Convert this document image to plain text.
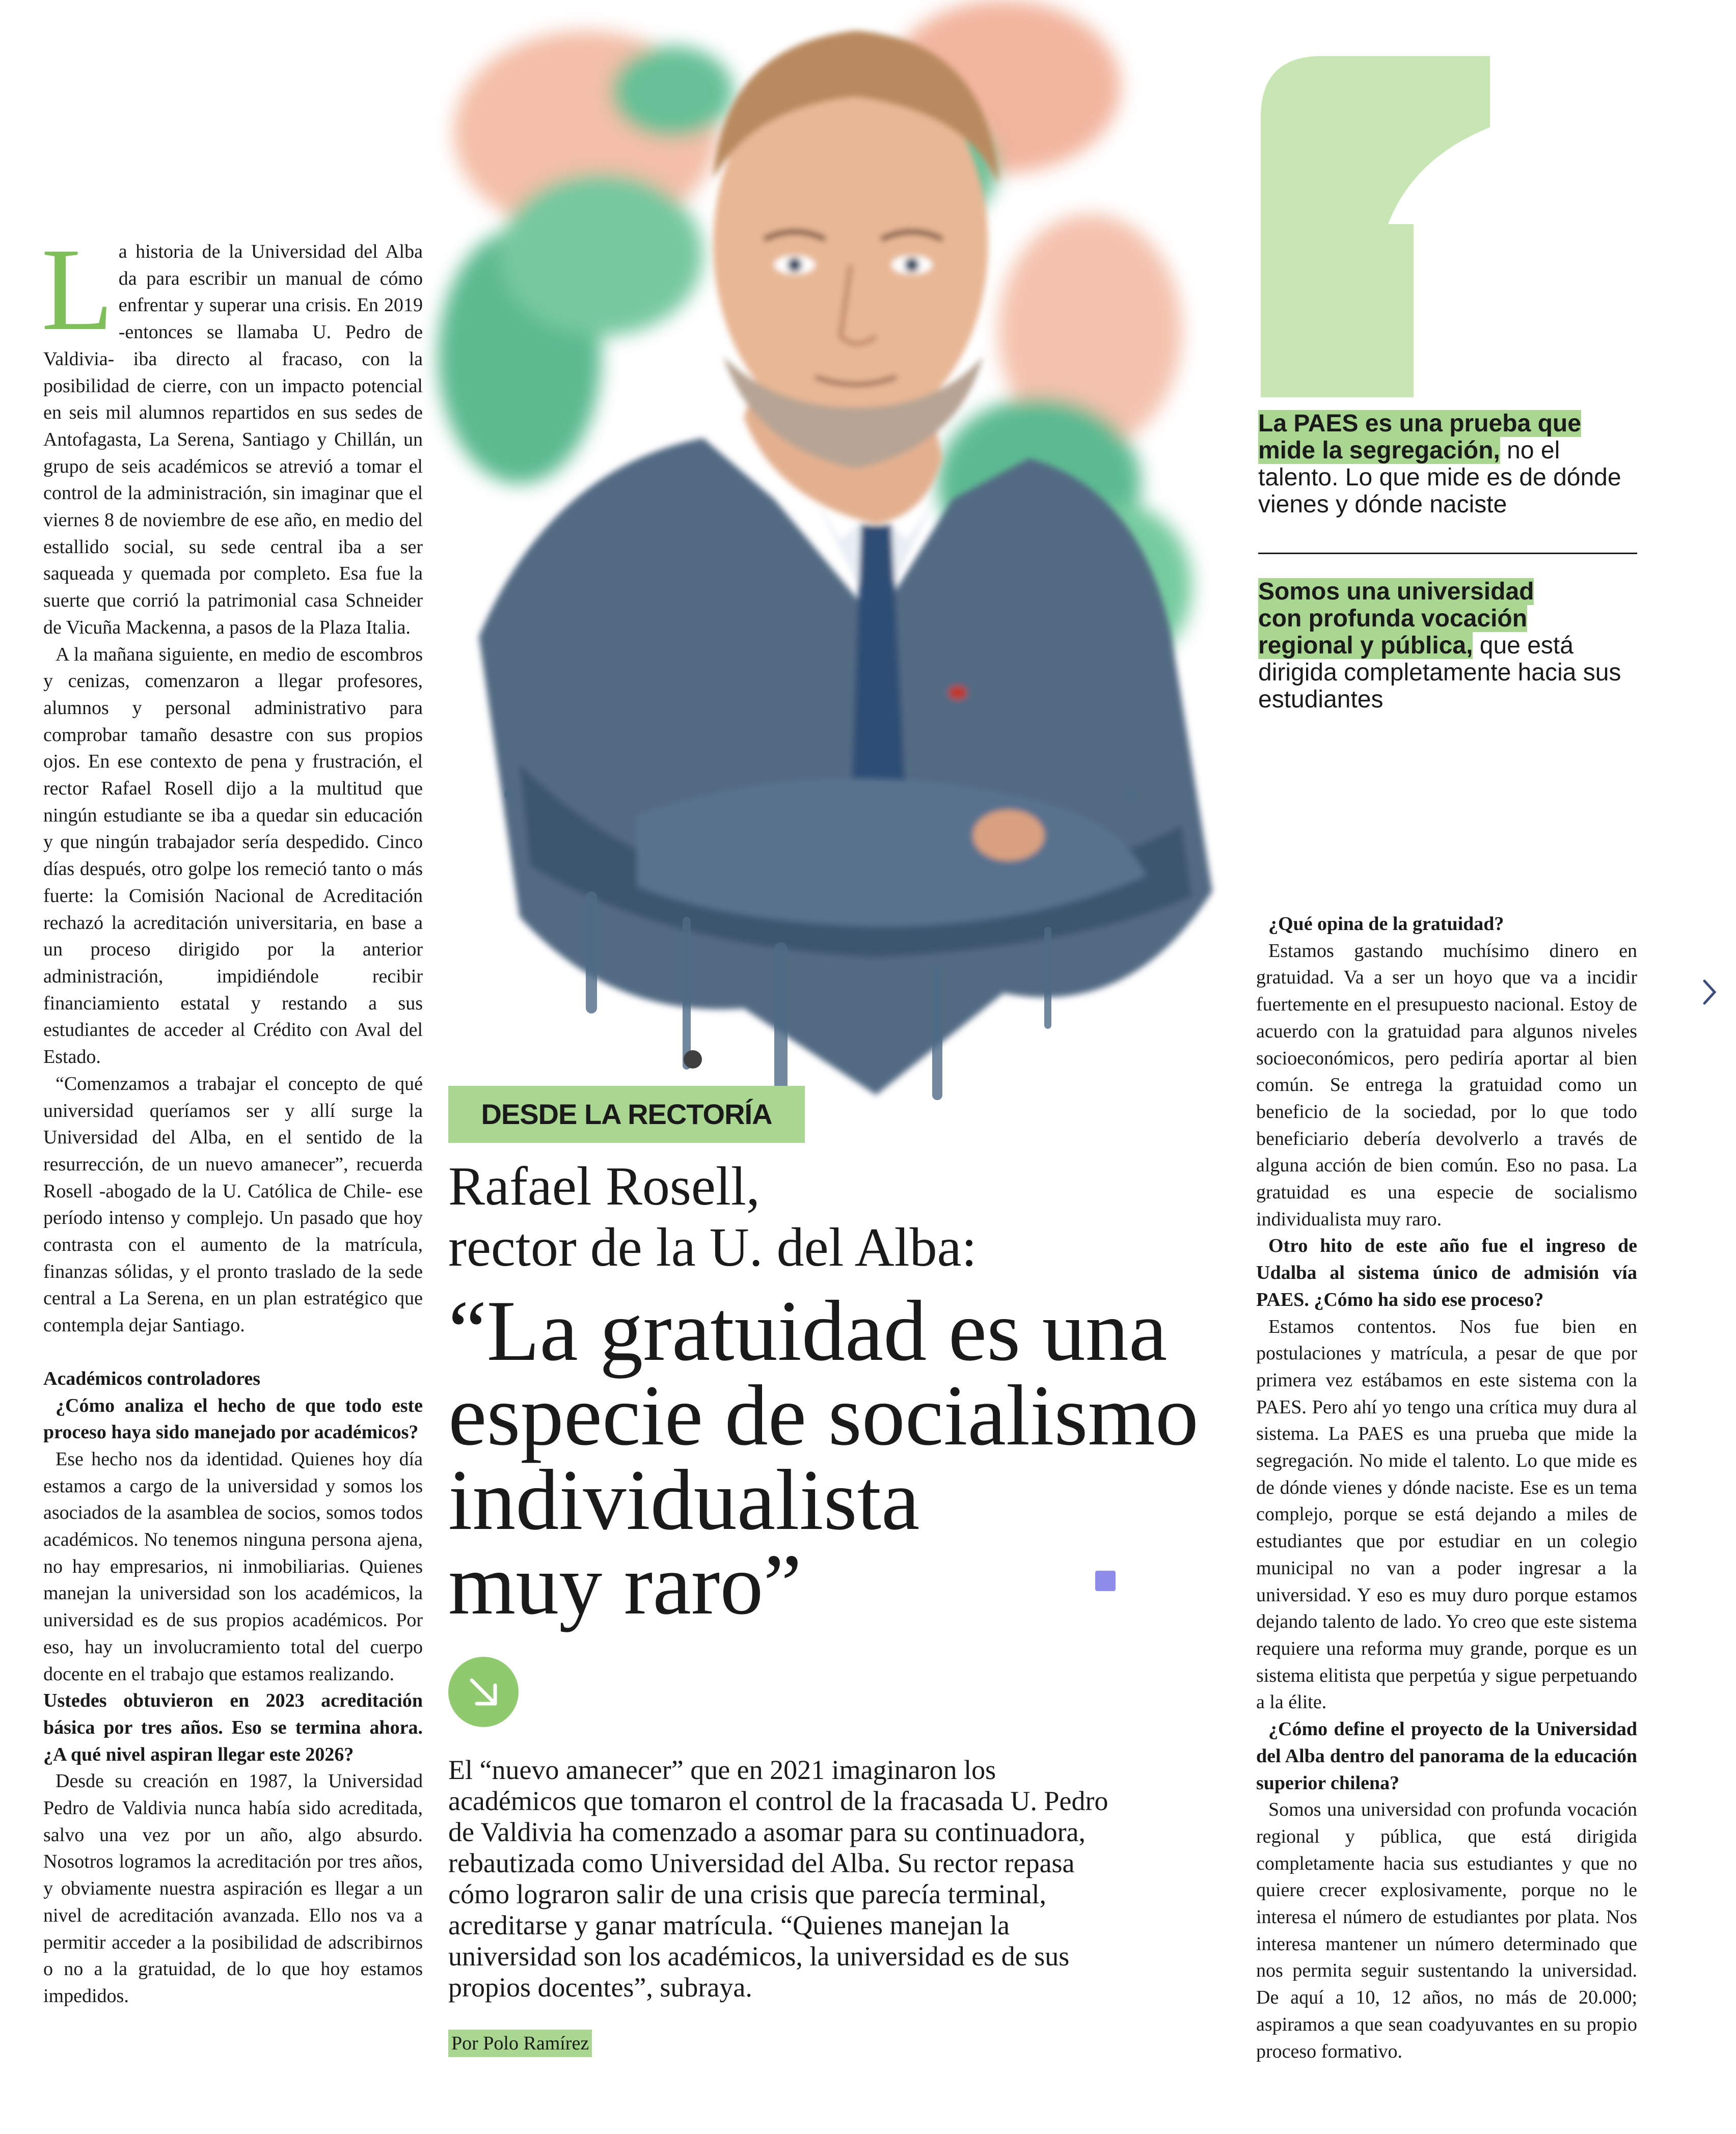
La historia de la Universidad del Alba da para escribir un manual de cómo enfrentar y superar una crisis. En 2019 -entonces se llamaba U. Pedro de Valdivia- iba directo al fracaso, con la posibilidad de cierre, con un impacto potencial en seis mil alumnos repartidos en sus sedes de Antofagasta, La Serena, Santiago y Chillán, un grupo de seis académicos se atrevió a tomar el control de la administración, sin imaginar que el viernes 8 de noviembre de ese año, en medio del estallido social, su sede central iba a ser saqueada y quemada por completo. Esa fue la suerte que corrió la patrimonial casa Schneider de Vicuña Mackenna, a pasos de la Plaza Italia.

A la mañana siguiente, en medio de escombros y cenizas, comenzaron a llegar profesores, alumnos y personal administrativo para comprobar tamaño desastre con sus propios ojos. En ese contexto de pena y frustración, el rector Rafael Rosell dijo a la multitud que ningún estudiante se iba a quedar sin educación y que ningún trabajador sería despedido. Cinco días después, otro golpe los remeció tanto o más fuerte: la Comisión Nacional de Acreditación rechazó la acreditación universitaria, en base a un proceso dirigido por la anterior administración, impidiéndole recibir financiamiento estatal y restando a sus estudiantes de acceder al Crédito con Aval del Estado.

“Comenzamos a trabajar el concepto de qué universidad queríamos ser y allí surge la Universidad del Alba, en el sentido de la resurrección, de un nuevo amanecer”, recuerda Rosell -abogado de la U. Católica de Chile- ese período intenso y complejo. Un pasado que hoy contrasta con el aumento de la matrícula, finanzas sólidas, y el pronto traslado de la sede central a La Serena, en un plan estratégico que contempla dejar Santiago.

Académicos controladores

¿Cómo analiza el hecho de que todo este proceso haya sido manejado por académicos?

Ese hecho nos da identidad. Quienes hoy día estamos a cargo de la universidad y somos los asociados de la asamblea de socios, somos todos académicos. No tenemos ninguna persona ajena, no hay empresarios, ni inmobiliarias. Quienes manejan la universidad son los académicos, la universidad es de sus propios académicos. Por eso, hay un involucramiento total del cuerpo docente en el trabajo que estamos realizando.

Ustedes obtuvieron en 2023 acreditación básica por tres años. Eso se termina ahora. ¿A qué nivel aspiran llegar este 2026?

Desde su creación en 1987, la Universidad Pedro de Valdivia nunca había sido acreditada, salvo una vez por un año, algo absurdo. Nosotros logramos la acreditación por tres años, y obviamente nuestra aspiración es llegar a un nivel de acreditación avanzada. Ello nos va a permitir acceder a la posibilidad de adscribirnos o no a la gratuidad, de lo que hoy estamos impedidos.

DESDE LA RECTORÍA
Rafael Rosell,
rector de la U. del Alba:
“La gratuidad es una
especie de socialismo
individualista
muy raro”
El “nuevo amanecer” que en 2021 imaginaron los académicos que tomaron el control de la fracasada U. Pedro de Valdivia ha comenzado a asomar para su continuadora, rebautizada como Universidad del Alba. Su rector repasa cómo lograron salir de una crisis que parecía terminal, acreditarse y ganar matrícula. “Quienes manejan la universidad son los académicos, la universidad es de sus propios docentes”, subraya.
Por Polo Ramírez
La PAES es una prueba que
mide la segregación, no el talento. Lo que mide es de dónde vienes y dónde naciste
Somos una universidad
con profunda vocación
regional y pública, que está dirigida completamente hacia sus estudiantes

¿Qué opina de la gratuidad?

Estamos gastando muchísimo dinero en gratuidad. Va a ser un hoyo que va a incidir fuertemente en el presupuesto nacional. Estoy de acuerdo con la gratuidad para algunos niveles socioeconómicos, pero pediría aportar al bien común. Se entrega la gratuidad como un beneficio de la sociedad, por lo que todo beneficiario debería devolverlo a través de alguna acción de bien común. Eso no pasa. La gratuidad es una especie de socialismo individualista muy raro.

Otro hito de este año fue el ingreso de Udalba al sistema único de admisión vía PAES. ¿Cómo ha sido ese proceso?

Estamos contentos. Nos fue bien en postulaciones y matrícula, a pesar de que por primera vez estábamos en este sistema con la PAES. Pero ahí yo tengo una crítica muy dura al sistema. La PAES es una prueba que mide la segregación. No mide el talento. Lo que mide es de dónde vienes y dónde naciste. Ese es un tema complejo, porque se está dejando a miles de estudiantes que por estudiar en un colegio municipal no van a poder ingresar a la universidad. Y eso es muy duro porque estamos dejando talento de lado. Yo creo que este sistema requiere una reforma muy grande, porque es un sistema elitista que perpetúa y sigue perpetuando a la élite.

¿Cómo define el proyecto de la Universidad del Alba dentro del panorama de la educación superior chilena?

Somos una universidad con profunda vocación regional y pública, que está dirigida completamente hacia sus estudiantes y que no quiere crecer explosivamente, porque no le interesa el número de estudiantes por plata. Nos interesa mantener un número determinado que nos permita seguir sustentando la universidad. De aquí a 10, 12 años, no más de 20.000; aspiramos a que sean coadyuvantes en su propio proceso formativo.
